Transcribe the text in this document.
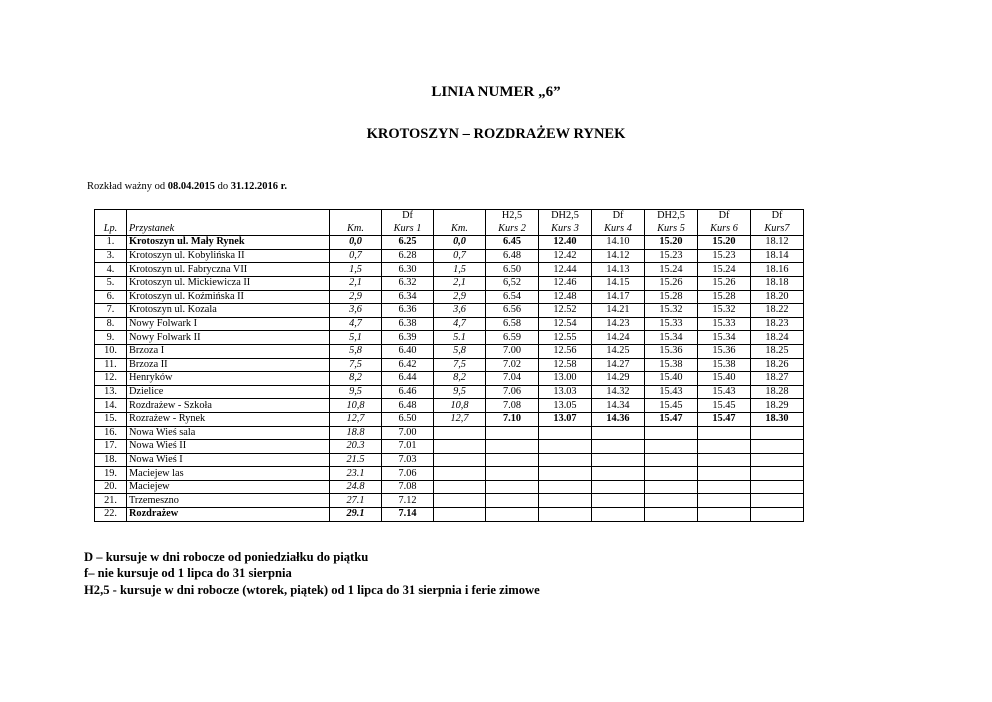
LINIA NUMER „6”
KROTOSZYN – ROZDRAŻEW RYNEK
Rozkład ważny od 08.04.2015 do 31.12.2016 r.
			Df		H2,5	DH2,5	Df	DH2,5	Df	Df
Lp.	Przystanek	Km.	Kurs 1	Km.	Kurs 2	Kurs 3	Kurs 4	Kurs 5	Kurs 6	Kurs7
1.	Krotoszyn ul. Mały Rynek	0,0	6.25	0,0	6.45	12.40	14.10	15.20	15.20	18.12
3.	Krotoszyn ul. Kobylińska II	0,7	6.28	0,7	6.48	12.42	14.12	15.23	15.23	18.14
4.	Krotoszyn ul. Fabryczna VII	1,5	6.30	1,5	6.50	12.44	14.13	15.24	15.24	18.16
5.	Krotoszyn ul. Mickiewicza II	2,1	6.32	2,1	6,52	12.46	14.15	15.26	15.26	18.18
6.	Krotoszyn ul. Koźmińska II	2,9	6.34	2,9	6.54	12.48	14.17	15.28	15.28	18.20
7.	Krotoszyn ul. Kozala	3,6	6.36	3,6	6.56	12.52	14.21	15.32	15.32	18.22
8.	Nowy Folwark I	4,7	6.38	4,7	6.58	12.54	14.23	15.33	15.33	18.23
9.	Nowy Folwark II	5,1	6.39	5.1	6.59	12.55	14.24	15.34	15.34	18.24
10.	Brzoza I	5,8	6.40	5,8	7.00	12.56	14.25	15.36	15.36	18.25
11.	Brzoza II	7,5	6.42	7,5	7.02	12.58	14.27	15.38	15.38	18.26
12.	Henryków	8,2	6.44	8,2	7.04	13.00	14.29	15.40	15.40	18.27
13.	Dzielice	9,5	6.46	9,5	7.06	13.03	14.32	15.43	15.43	18.28
14.	Rozdrażew - Szkoła	10,8	6.48	10,8	7.08	13.05	14.34	15.45	15.45	18.29
15.	Rozrażew - Rynek	12,7	6.50	12,7	7.10	13.07	14.36	15.47	15.47	18.30
16.	Nowa Wieś sala	18.8	7.00							
17.	Nowa Wieś II	20.3	7.01							
18.	Nowa Wieś I	21.5	7.03							
19.	Maciejew las	23.1	7.06							
20.	Maciejew	24.8	7.08							
21.	Trzemeszno	27.1	7.12							
22.	Rozdrażew	29.1	7.14							
D – kursuje w dni robocze od poniedziałku do piątku
f– nie kursuje od 1 lipca do 31 sierpnia
H2,5 - kursuje w dni robocze (wtorek, piątek) od 1 lipca do 31 sierpnia i ferie zimowe
